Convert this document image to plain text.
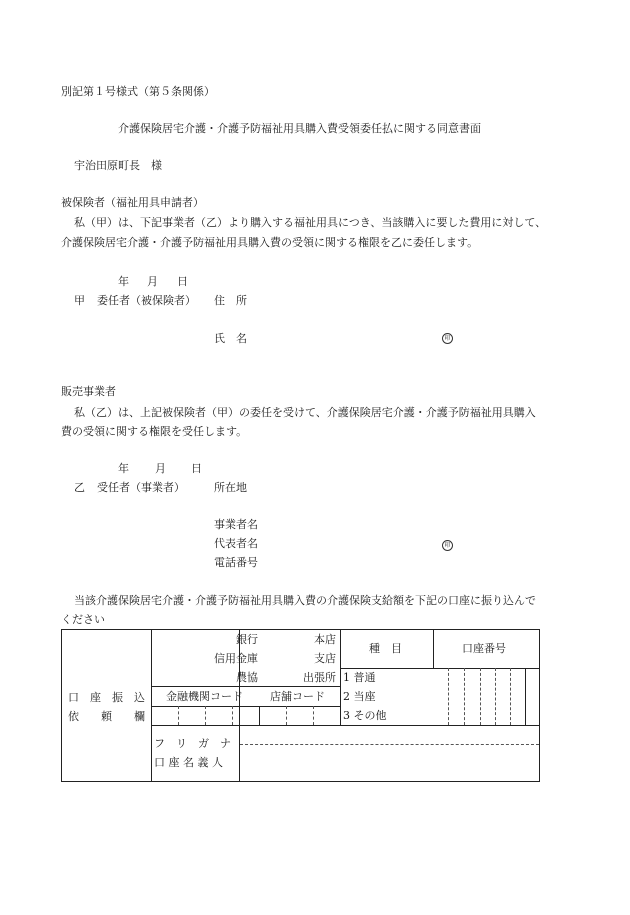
別記第１号様式（第５条関係）
介護保険居宅介護・介護予防福祉用具購入費受領委任払に関する同意書面
宇治田原町長　様
被保険者（福祉用具申請者）
私（甲）は、下記事業者（乙）より購入する福祉用具につき、当該購入に要した費用に対して、
介護保険居宅介護・介護予防福祉用具購入費の受領に関する権限を乙に委任します。
年 月 日
甲 委任者（被保険者） 住　所
氏　名
印
販売事業者
私（乙）は、上記被保険者（甲）の委任を受けて、介護保険居宅介護・介護予防福祉用具購入
費の受領に関する権限を受任します。
年 月 日
乙 受任者（事業者）	所在地
事業者名
代表者名
印
電話番号
当該介護保険居宅介護・介護予防福祉用具購入費の介護保険支給額を下記の口座に振り込んで
ください
口　座　振　込
依　　頼　　欄
銀行
信用金庫
農協
本店
支店
出張所
種　目	口座番号
1 普通
2 当座
3 その他
金融機関コード 店舗コード
フ　リ　ガ　ナ
口 座 名 義 人
